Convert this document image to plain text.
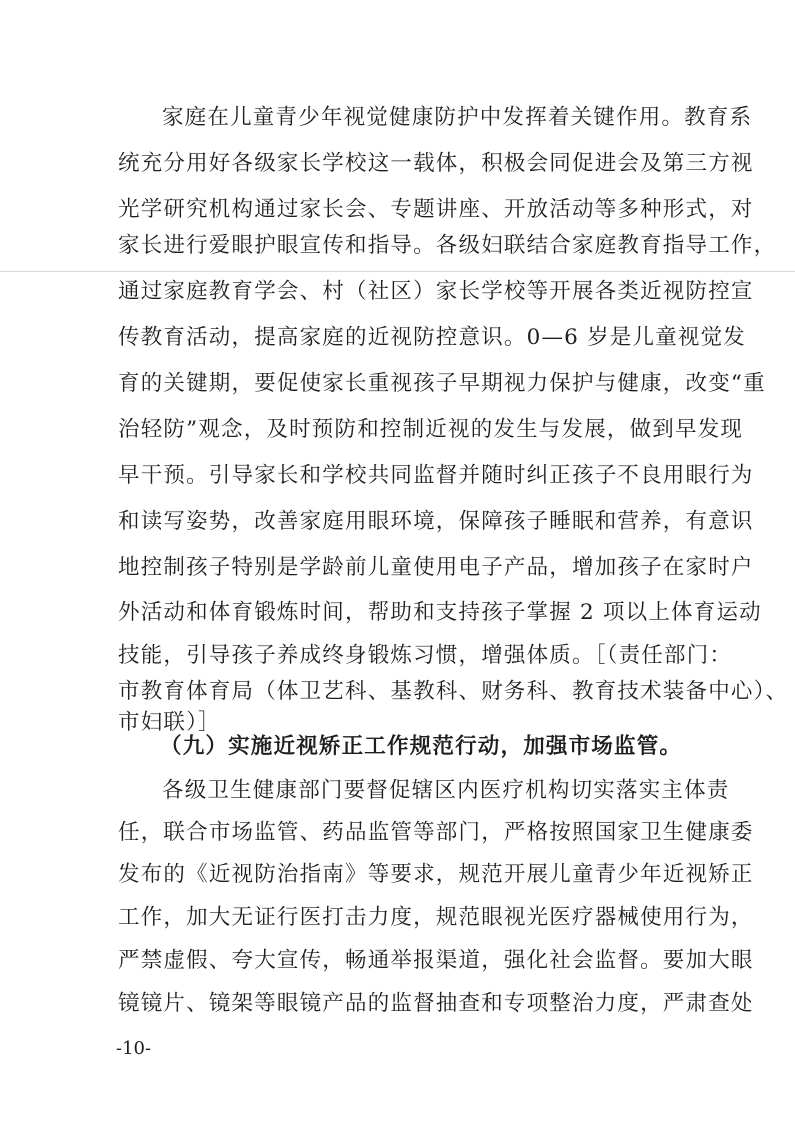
家庭在儿童青少年视觉健康防护中发挥着关键作用。教育系
统充分用好各级家长学校这一载体，积极会同促进会及第三方视
光学研究机构通过家长会、专题讲座、开放活动等多种形式，对
家长进行爱眼护眼宣传和指导。各级妇联结合家庭教育指导工作，
通过家庭教育学会、村（社区）家长学校等开展各类近视防控宣
传教育活动，提高家庭的近视防控意识。0—6 岁是儿童视觉发
育的关键期，要促使家长重视孩子早期视力保护与健康，改变“重
治轻防”观念，及时预防和控制近视的发生与发展，做到早发现
早干预。引导家长和学校共同监督并随时纠正孩子不良用眼行为
和读写姿势，改善家庭用眼环境，保障孩子睡眠和营养，有意识
地控制孩子特别是学龄前儿童使用电子产品，增加孩子在家时户
外活动和体育锻炼时间，帮助和支持孩子掌握 2 项以上体育运动
技能，引导孩子养成终身锻炼习惯，增强体质。［（责任部门：
市教育体育局（体卫艺科、基教科、财务科、教育技术装备中心）、
市妇联）］
（九）实施近视矫正工作规范行动，加强市场监管。
各级卫生健康部门要督促辖区内医疗机构切实落实主体责
任，联合市场监管、药品监管等部门，严格按照国家卫生健康委
发布的《近视防治指南》等要求，规范开展儿童青少年近视矫正
工作，加大无证行医打击力度，规范眼视光医疗器械使用行为，
严禁虚假、夸大宣传，畅通举报渠道，强化社会监督。要加大眼
镜镜片、镜架等眼镜产品的监督抽查和专项整治力度，严肃查处
-10-
